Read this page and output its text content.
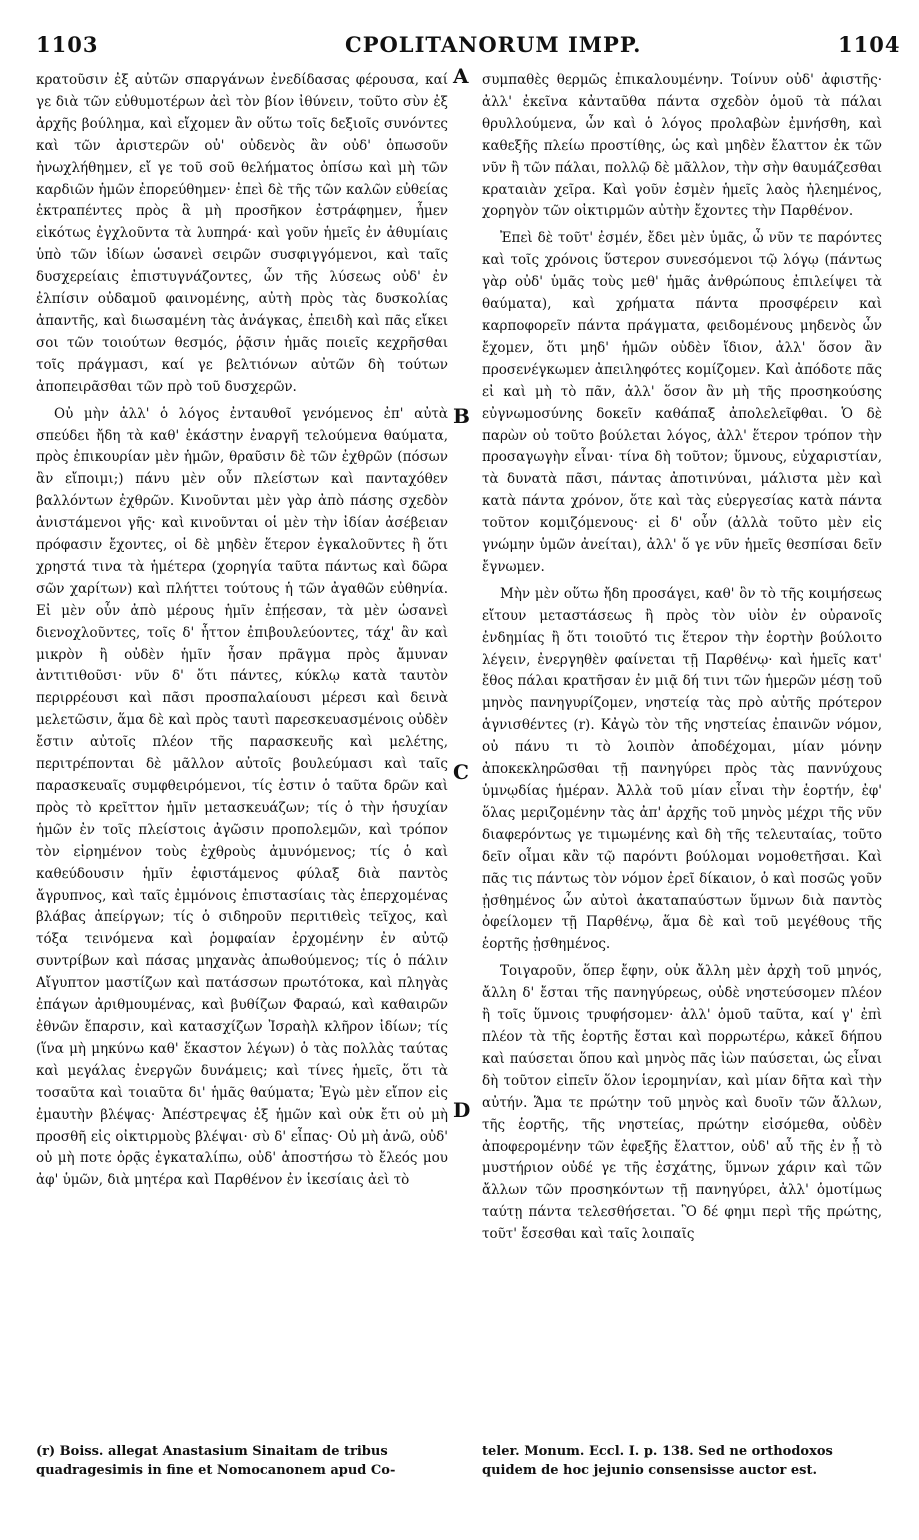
1103	CPOLITANORUM IMPP.	1104

κρατοῦσιν ἐξ αὐτῶν σπαργάνων ἐνεδίδασας φέρουσα, καί γε διὰ τῶν εὐθυμοτέρων ἀεὶ τὸν βίον ἰθύνειν, τοῦτο σὺν ἐξ ἀρχῆς βούλημα, καὶ εἴχομεν ἂν οὕτω τοῖς δεξιοῖς συνόντες καὶ τῶν ἀριστερῶν οὐ' οὐδενὸς ἂν οὐδ' ὁπωσοῦν ἠνωχλήθημεν, εἴ γε τοῦ σοῦ θελήματος ὀπίσω καὶ μὴ τῶν καρδιῶν ἡμῶν ἐπορεύθημεν· ἐπεὶ δὲ τῆς τῶν καλῶν εὐθείας ἐκτραπέντες πρὸς ἃ μὴ προσῆκον ἐστράφημεν, ἦμεν εἰκότως ἐγχλοῦντα τὰ λυπηρά· καὶ γοῦν ἡμεῖς ἐν ἀθυμίαις ὑπὸ τῶν ἰδίων ὡσανεὶ σειρῶν συσφιγγόμενοι, καὶ ταῖς δυσχερείαις ἐπιστυγνάζοντες, ὧν τῆς λύσεως οὐδ' ἐν ἐλπίσιν οὐδαμοῦ φαινομένης, αὐτὴ πρὸς τὰς δυσκολίας ἀπαντῆς, καὶ διωσαμένη τὰς ἀνάγκας, ἐπειδὴ καὶ πᾶς εἴκει σοι τῶν τοιούτων θεσμός, ῥᾷσιν ἡμᾶς ποιεῖς κεχρῆσθαι τοῖς πράγμασι, καί γε βελτιόνων αὐτῶν δὴ τούτων ἀποπειρᾶσθαι τῶν πρὸ τοῦ δυσχερῶν.

Οὐ μὴν ἀλλ' ὁ λόγος ἐνταυθοῖ γενόμενος ἐπ' αὐτὰ σπεύδει ἤδη τὰ καθ' ἑκάστην ἐναργῆ τελούμενα θαύματα, πρὸς ἐπικουρίαν μὲν ἡμῶν, θραῦσιν δὲ τῶν ἐχθρῶν (πόσων ἂν εἴποιμι;) πάνυ μὲν οὖν πλείστων καὶ πανταχόθεν βαλλόντων ἐχθρῶν. Κινοῦνται μὲν γὰρ ἀπὸ πάσης σχεδὸν ἀνιστάμενοι γῆς· καὶ κινοῦνται οἱ μὲν τὴν ἰδίαν ἀσέβειαν πρόφασιν ἔχοντες, οἱ δὲ μηδὲν ἕτερον ἐγκαλοῦντες ἢ ὅτι χρηστά τινα τὰ ἡμέτερα (χορηγία ταῦτα πάντως καὶ δῶρα σῶν χαρίτων) καὶ πλήττει τούτους ἡ τῶν ἀγαθῶν εὐθηνία. Εἰ μὲν οὖν ἀπὸ μέρους ἡμῖν ἐπῄεσαν, τὰ μὲν ὡσανεὶ διενοχλοῦντες, τοῖς δ' ἧττον ἐπιβουλεύοντες, τάχ' ἂν καὶ μικρὸν ἢ οὐδὲν ἡμῖν ἦσαν πρᾶγμα πρὸς ἄμυναν ἀντιτιθοῦσι· νῦν δ' ὅτι πάντες, κύκλῳ κατὰ ταυτὸν περιρρέουσι καὶ πᾶσι προσπαλαίουσι μέρεσι καὶ δεινὰ μελετῶσιν, ἅμα δὲ καὶ πρὸς ταυτὶ παρεσκευασμένοις οὐδὲν ἔστιν αὐτοῖς πλέον τῆς παρασκευῆς καὶ μελέτης, περιτρέπονται δὲ μᾶλλον αὐτοῖς βουλεύμασι καὶ ταῖς παρασκευαῖς συμφθειρόμενοι, τίς ἐστιν ὁ ταῦτα δρῶν καὶ πρὸς τὸ κρεῖττον ἡμῖν μετασκευάζων; τίς ὁ τὴν ἡσυχίαν ἡμῶν ἐν τοῖς πλείστοις ἀγῶσιν προπολεμῶν, καὶ τρόπον τὸν εἰρημένον τοὺς ἐχθροὺς ἀμυνόμενος; τίς ὁ καὶ καθεύδουσιν ἡμῖν ἐφιστάμενος φύλαξ διὰ παντὸς ἄγρυπνος, καὶ ταῖς ἐμμόνοις ἐπιστασίαις τὰς ἐπερχομένας βλάβας ἀπείργων; τίς ὁ σιδηροῦν περιτιθεὶς τεῖχος, καὶ τόξα τεινόμενα καὶ ῥομφαίαν ἐρχομένην ἐν αὐτῷ συντρίβων καὶ πάσας μηχανὰς ἀπωθούμενος; τίς ὁ πάλιν Αἴγυπτον μαστίζων καὶ πατάσσων πρωτότοκα, καὶ πληγὰς ἐπάγων ἀριθμουμένας, καὶ βυθίζων Φαραώ, καὶ καθαιρῶν ἐθνῶν ἔπαρσιν, καὶ κατασχίζων Ἰσραὴλ κλῆρον ἰδίων; τίς (ἵνα μὴ μηκύνω καθ' ἕκαστον λέγων) ὁ τὰς πολλὰς ταύτας καὶ μεγάλας ἐνεργῶν δυνάμεις; καὶ τίνες ἡμεῖς, ὅτι τὰ τοσαῦτα καὶ τοιαῦτα δι' ἡμᾶς θαύματα; Ἐγὼ μὲν εἴπον εἰς ἐμαυτὴν βλέψας· Ἀπέστρεψας ἐξ ἡμῶν καὶ οὐκ ἔτι οὐ μὴ προσθῆ εἰς οἰκτιρμοὺς βλέψαι· σὺ δ' εἶπας· Οὐ μὴ ἀνῶ, οὐδ' οὐ μὴ ποτε ὀρᾷς ἐγκαταλίπω, οὐδ' ἀποστήσω τὸ ἔλεός μου ἀφ' ὑμῶν, διὰ μητέρα καὶ Παρθένον ἐν ἱκεσίαις ἀεὶ τὸ

συμπαθὲς θερμῶς ἐπικαλουμένην. Τοίνυν οὐδ' ἀφιστῆς· ἀλλ' ἐκεῖνα κἀνταῦθα πάντα σχεδὸν ὁμοῦ τὰ πάλαι θρυλλούμενα, ὧν καὶ ὁ λόγος προλαβὼν ἐμνήσθη, καὶ καθεξῆς πλείω προστίθης, ὡς καὶ μηδὲν ἔλαττον ἐκ τῶν νῦν ἢ τῶν πάλαι, πολλῷ δὲ μᾶλλον, τὴν σὴν θαυμάζεσθαι κραταιὰν χεῖρα. Καὶ γοῦν ἐσμὲν ἡμεῖς λαὸς ἠλεημένος, χορηγὸν τῶν οἰκτιρμῶν αὐτὴν ἔχοντες τὴν Παρθένον.

Ἐπεὶ δὲ τοῦτ' ἐσμέν, ἔδει μὲν ὑμᾶς, ὦ νῦν τε παρόντες καὶ τοῖς χρόνοις ὕστερον συνεσόμενοι τῷ λόγῳ (πάντως γὰρ οὐδ' ὑμᾶς τοὺς μεθ' ἡμᾶς ἀνθρώπους ἐπιλείψει τὰ θαύματα), καὶ χρήματα πάντα προσφέρειν καὶ καρποφορεῖν πάντα πράγματα, φειδομένους μηδενὸς ὧν ἔχομεν, ὅτι μηδ' ἡμῶν οὐδὲν ἴδιον, ἀλλ' ὅσον ἂν προσενέγκωμεν ἀπειληφότες κομίζομεν. Καὶ ἀπόδοτε πᾶς εἰ καὶ μὴ τὸ πᾶν, ἀλλ' ὅσον ἂν μὴ τῆς προσηκούσης εὐγνωμοσύνης δοκεῖν καθάπαξ ἀπολελεῖφθαι. Ὁ δὲ παρὼν οὐ τοῦτο βούλεται λόγος, ἀλλ' ἕτερον τρόπον τὴν προσαγωγὴν εἶναι· τίνα δὴ τοῦτον; ὕμνους, εὐχαριστίαν, τὰ δυνατὰ πᾶσι, πάντας ἀποτινύναι, μάλιστα μὲν καὶ κατὰ πάντα χρόνον, ὅτε καὶ τὰς εὐεργεσίας κατὰ πάντα τοῦτον κομιζόμενους· εἰ δ' οὖν (ἀλλὰ τοῦτο μὲν εἰς γνώμην ὑμῶν ἀνείται), ἀλλ' ὅ γε νῦν ἡμεῖς θεσπίσαι δεῖν ἔγνωμεν.

Μὴν μὲν οὕτω ἤδη προσάγει, καθ' ὃν τὸ τῆς κοιμήσεως εἴτουν μεταστάσεως ἢ πρὸς τὸν υἱὸν ἐν οὐρανοῖς ἐνδημίας ἢ ὅτι τοιοῦτό τις ἕτερον τὴν ἑορτὴν βούλοιτο λέγειν, ἐνεργηθὲν φαίνεται τῇ Παρθένῳ· καὶ ἡμεῖς κατ' ἔθος πάλαι κρατῆσαν ἐν μιᾷ δή τινι τῶν ἡμερῶν μέσῃ τοῦ μηνὸς πανηγυρίζομεν, νηστείᾳ τὰς πρὸ αὐτῆς πρότερον ἁγνισθέντες (r). Κἀγὼ τὸν τῆς νηστείας ἐπαινῶν νόμον, οὐ πάνυ τι τὸ λοιπὸν ἀποδέχομαι, μίαν μόνην ἀποκεκληρῶσθαι τῇ πανηγύρει πρὸς τὰς παννύχους ὑμνῳδίας ἡμέραν. Ἀλλὰ τοῦ μίαν εἶναι τὴν ἑορτήν, ἐφ' ὅλας μεριζομένην τὰς ἀπ' ἀρχῆς τοῦ μηνὸς μέχρι τῆς νῦν διαφερόντως γε τιμωμένης καὶ δὴ τῆς τελευταίας, τοῦτο δεῖν οἶμαι κἂν τῷ παρόντι βούλομαι νομοθετῆσαι. Καὶ πᾶς τις πάντως τὸν νόμον ἐρεῖ δίκαιον, ὁ καὶ ποσῶς γοῦν ᾐσθημένος ὧν αὐτοὶ ἀκαταπαύστων ὕμνων διὰ παντὸς ὀφείλομεν τῇ Παρθένῳ, ἅμα δὲ καὶ τοῦ μεγέθους τῆς ἑορτῆς ᾐσθημένος.

Τοιγαροῦν, ὅπερ ἔφην, οὐκ ἄλλη μὲν ἀρχὴ τοῦ μηνός, ἄλλη δ' ἔσται τῆς πανηγύρεως, οὐδὲ νηστεύσομεν πλέον ἢ τοῖς ὕμνοις τρυφήσομεν· ἀλλ' ὁμοῦ ταῦτα, καί γ' ἐπὶ πλέον τὰ τῆς ἑορτῆς ἔσται καὶ πορρωτέρω, κἀκεῖ δήπου καὶ παύσεται ὅπου καὶ μηνὸς πᾶς ἰὼν παύσεται, ὡς εἶναι δὴ τοῦτον εἰπεῖν ὅλον ἱερομηνίαν, καὶ μίαν δῆτα καὶ τὴν αὐτήν. Ἅμα τε πρώτην τοῦ μηνὸς καὶ δυοῖν τῶν ἄλλων, τῆς ἑορτῆς, τῆς νηστείας, πρώτην εἰσόμεθα, οὐδὲν ἀποφερομένην τῶν ἐφεξῆς ἔλαττον, οὐδ' αὖ τῆς ἐν ᾗ τὸ μυστήριον οὐδέ γε τῆς ἐσχάτης, ὕμνων χάριν καὶ τῶν ἄλλων τῶν προσηκόντων τῇ πανηγύρει, ἀλλ' ὁμοτίμως ταύτῃ πάντα τελεσθήσεται. Ὃ δέ φημι περὶ τῆς πρώτης, τοῦτ' ἔσεσθαι καὶ ταῖς λοιπαῖς

A
B
C
D
(r) Boiss. allegat Anastasium Sinaitam de tribus quadragesimis in fine et Nomocanonem apud Co-
teler. Monum. Eccl. I. p. 138. Sed ne orthodoxos quidem de hoc jejunio consensisse auctor est.
